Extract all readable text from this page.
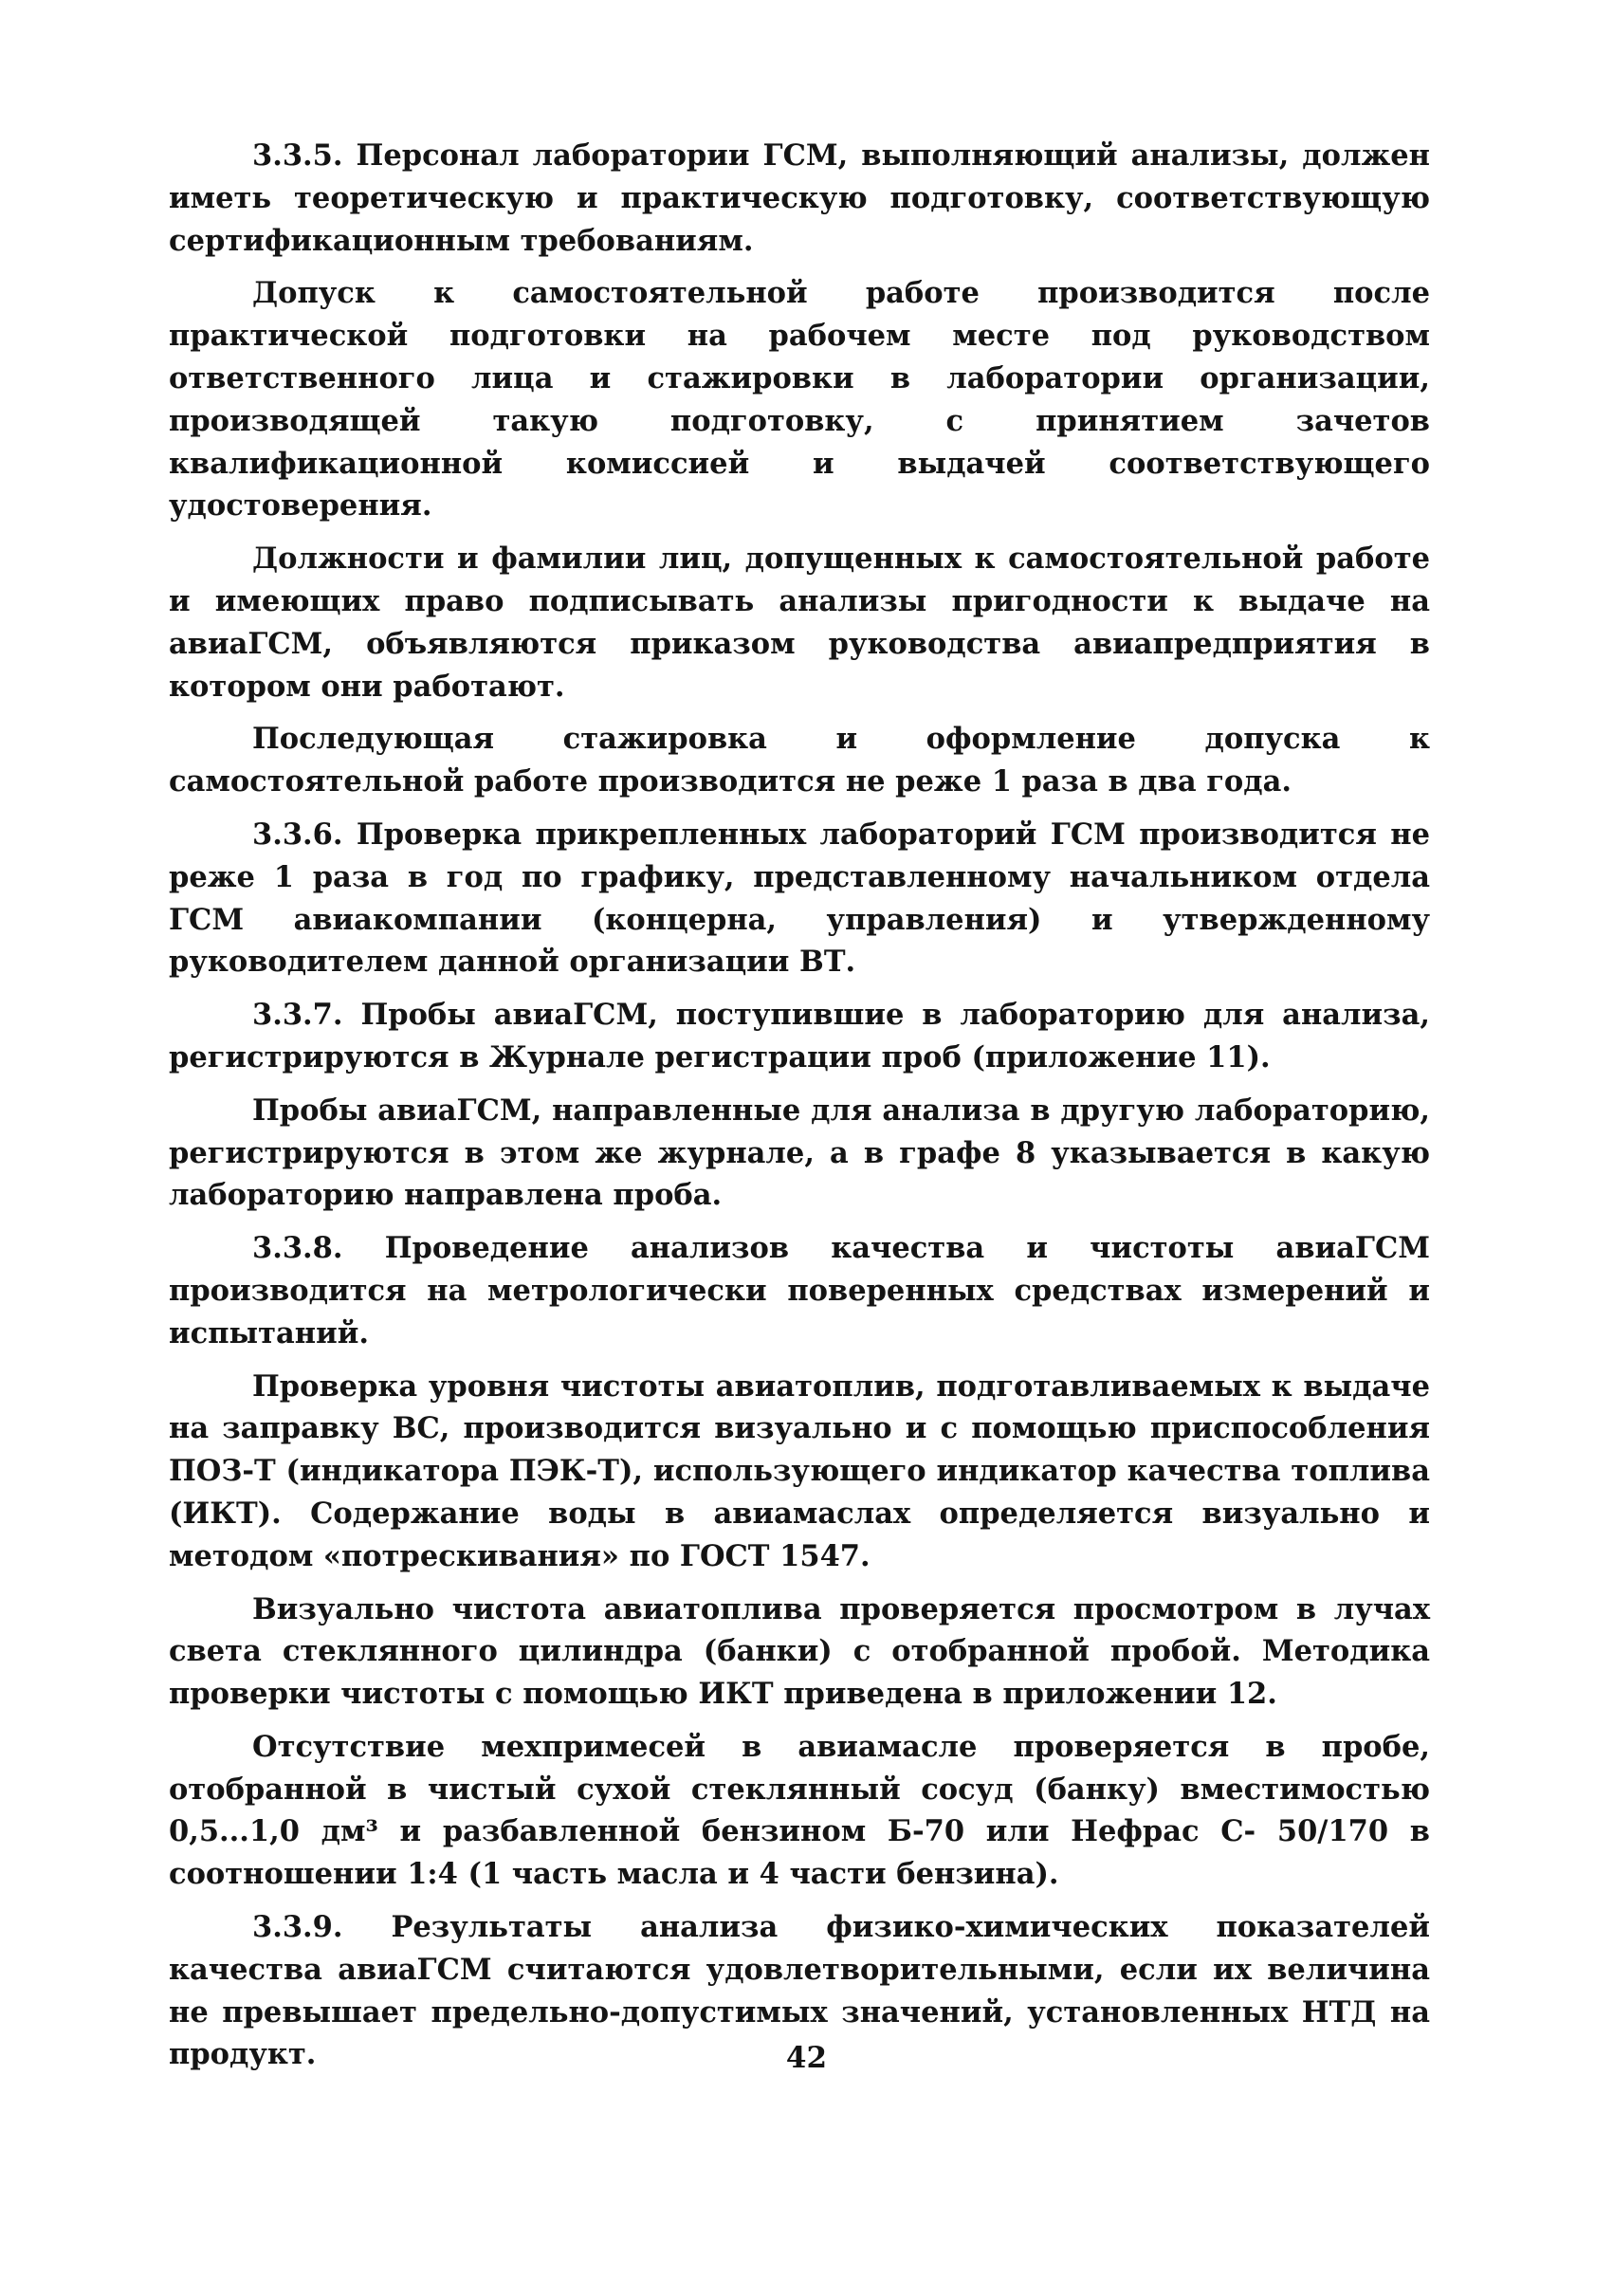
3.3.5. Персонал лаборатории ГСМ, выполняющий анализы, должен иметь теоретическую и практическую подготовку, соответствующую сертификационным требованиям.

Допуск к самостоятельной работе производится после практической подготовки на рабочем месте под руководством ответственного лица и стажировки в лаборатории организации, производящей такую подготовку, с принятием зачетов квалификационной комиссией и выдачей соответствующего удостоверения.

Должности и фамилии лиц, допущенных к самостоятельной работе и имеющих право подписывать анализы пригодности к выдаче на авиаГСМ, объявляются приказом руководства авиапредприятия в котором они работают.

Последующая стажировка и оформление допуска к самостоятельной работе производится не реже 1 раза в два года.

3.3.6. Проверка прикрепленных лабораторий ГСМ производится не реже 1 раза в год по графику, представленному начальником отдела ГСМ авиакомпании (концерна, управления) и утвержденному руководителем данной организации ВТ.

3.3.7. Пробы авиаГСМ, поступившие в лабораторию для анализа, регистрируются в Журнале регистрации проб (приложение 11).

Пробы авиаГСМ, направленные для анализа в другую лабораторию, регистрируются в этом же журнале, а в графе 8 указывается в какую лабораторию направлена проба.

3.3.8. Проведение анализов качества и чистоты авиаГСМ производится на метрологически поверенных средствах измерений и испытаний.

Проверка уровня чистоты авиатоплив, подготавливаемых к выдаче на заправку ВС, производится визуально и с помощью приспособления ПОЗ-Т (индикатора ПЭК-Т), использующего индикатор качества топлива (ИКТ). Содержание воды в авиамаслах определяется визуально и методом «потрескивания» по ГОСТ 1547.

Визуально чистота авиатоплива проверяется просмотром в лучах света стеклянного цилиндра (банки) с отобранной пробой. Методика проверки чистоты с помощью ИКТ приведена в приложении 12.

Отсутствие мехпримесей в авиамасле проверяется в пробе, отобранной в чистый сухой стеклянный сосуд (банку) вместимостью 0,5...1,0 дм³ и разбавленной бензином Б-70 или Нефрас С- 50/170 в соотношении 1:4 (1 часть масла и 4 части бензина).

3.3.9. Результаты анализа физико-химических показателей качества авиаГСМ считаются удовлетворительными, если их величина не превышает предельно-допустимых значений, установленных НТД на продукт.	42
